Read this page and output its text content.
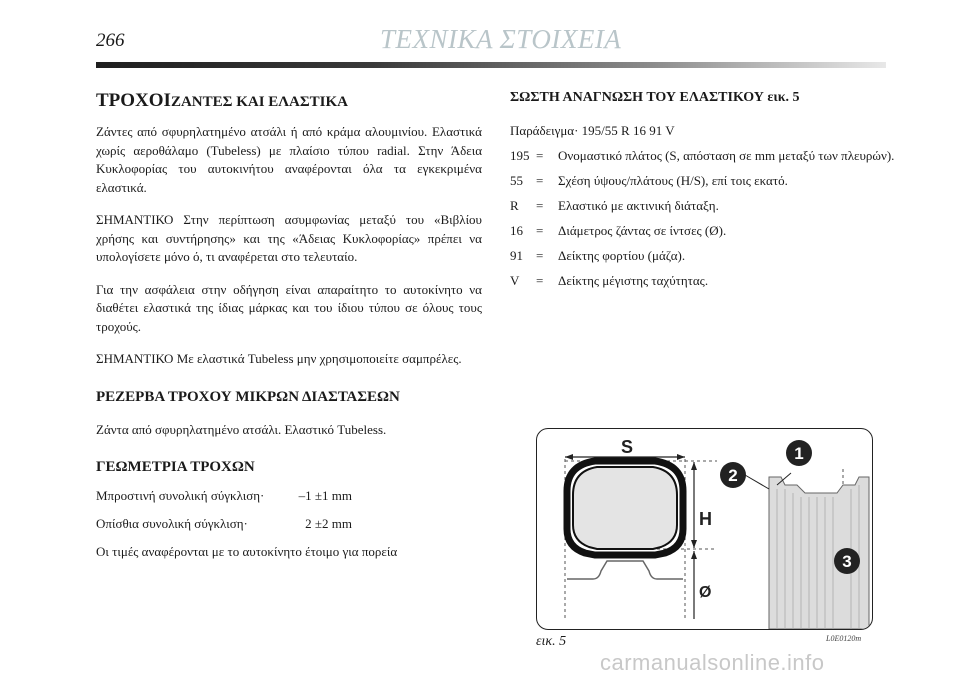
266	ΤΕΧΝΙΚΑ ΣΤΟΙΧΕΙΑ
ΤΡΟΧΟΙΖΑΝΤΕΣ ΚΑΙ ΕΛΑΣΤΙΚΑ

Ζάντες από σφυρηλατημένο ατσάλι ή από κράμα αλουμινίου. Ελαστικά χωρίς αεροθάλαμο (Tubeless) με πλαίσιο τύπου radial. Στην Άδεια Κυκλοφορίας του αυτοκινήτου αναφέρονται όλα τα εγκεκριμένα ελαστικά.

ΣΗΜΑΝΤΙΚΟ Στην περίπτωση ασυμφωνίας μεταξύ του «Βιβλίου χρήσης και συντήρησης» και της «Άδειας Κυκλοφορίας» πρέπει να υπολογίσετε μόνο ό, τι αναφέρεται στο τελευταίο.

Για την ασφάλεια στην οδήγηση είναι απαραίτητο το αυτοκίνητο να διαθέτει ελαστικά της ίδιας μάρκας και του ίδιου τύπου σε όλους τους τροχούς.

ΣΗΜΑΝΤΙΚΟ Με ελαστικά Tubeless μην χρησιμοποιείτε σαμπρέλες.

ΡΕΖΕΡΒΑ ΤΡΟΧΟΥ ΜΙΚΡΩΝ ΔΙΑΣΤΑΣΕΩΝ

Ζάντα από σφυρηλατημένο ατσάλι. Ελαστικό Tubeless.

ΓΕΩΜΕΤΡΙΑ ΤΡΟΧΩΝ
Μπροστινή συνολική σύγκλιση·	–1 ±1 mm
Οπίσθια συνολική σύγκλιση·	2 ±2 mm

Οι τιμές αναφέρονται με το αυτοκίνητο έτοιμο για πορεία

ΣΩΣΤΗ ΑΝΑΓΝΩΣΗ ΤΟΥ ΕΛΑΣΤΙΚΟΥ εικ. 5
Παράδειγμα· 195/55 R 16 91 V
195 =	Ονομαστικό πλάτος (S, απόσταση σε mm μεταξύ των πλευρών).
55	=	Σχέση ύψους/πλάτους (H/S), επί τοις εκατό.
R	=	Ελαστικό με ακτινική διάταξη.
16	=	Διάμετρος ζάντας σε ίντσες (Ø).
91	=	Δείκτης φορτίου (μάζα).
V	=	Δείκτης μέγιστης ταχύτητας.
S
H
Ø
1
2
3
εικ. 5	L0E0120m
carmanualsonline.info
